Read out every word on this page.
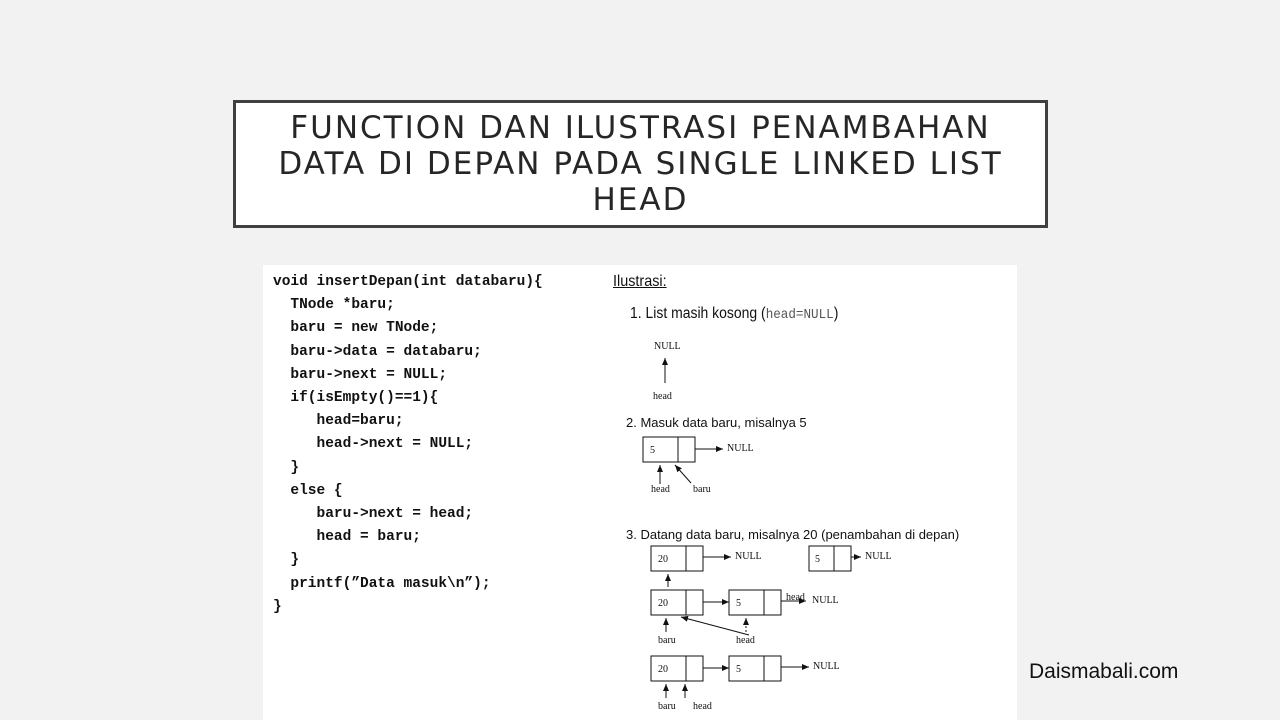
FUNCTION DAN ILUSTRASI PENAMBAHAN
DATA DI DEPAN PADA SINGLE LINKED LIST
HEAD
void insertDepan(int databaru){
TNode *baru;
baru = new TNode;
baru->data = databaru;
baru->next = NULL;
if(isEmpty()==1){
head=baru;
head->next = NULL;
}
else {
baru->next = head;
head = baru;
}
printf(”Data masuk\n”);
}
Ilustrasi:
1. List masih kosong (head=NULL)
2. Masuk data baru, misalnya 5
3. Datang data baru, misalnya 20 (penambahan di depan)
NULL
head
5	NULL
head baru
20	NULL	5	NULL
20	5
head NULL
baru	head
20	5	NULL
baru head
Daismabali.com
